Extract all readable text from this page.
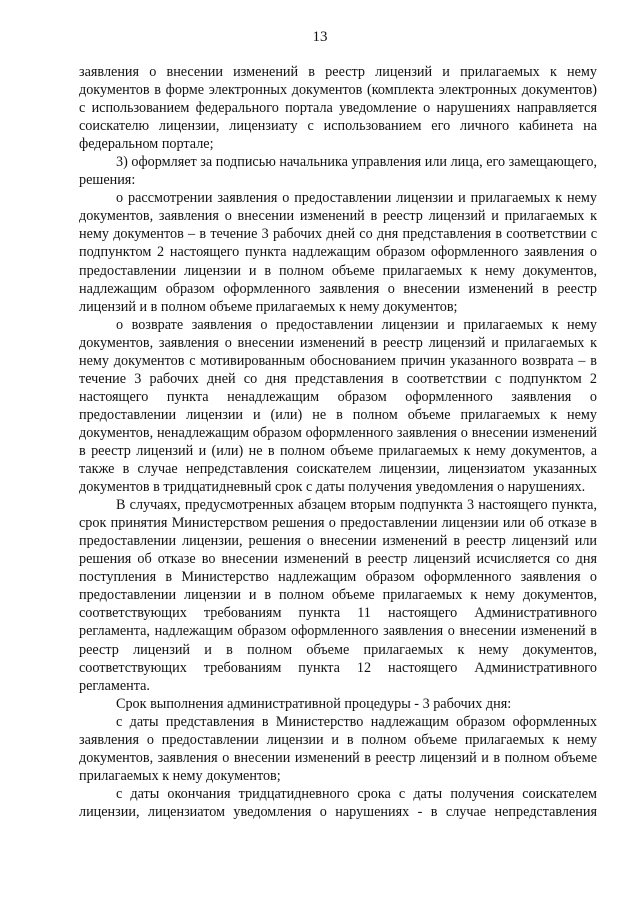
13

заявления о внесении изменений в реестр лицензий и прилагаемых к нему документов в форме электронных документов (комплекта электронных документов) с использованием федерального портала уведомление о нарушениях направляется соискателю лицензии, лицензиату с использованием его личного кабинета на федеральном портале;

3) оформляет за подписью начальника управления или лица, его замещающего, решения:

о рассмотрении заявления о предоставлении лицензии и прилагаемых к нему документов, заявления о внесении изменений в реестр лицензий и прилагаемых к нему документов – в течение 3 рабочих дней со дня представления в соответствии с подпунктом 2 настоящего пункта надлежащим образом оформленного заявления о предоставлении лицензии и в полном объеме прилагаемых к нему документов, надлежащим образом оформленного заявления о внесении изменений в реестр лицензий и в полном объеме прилагаемых к нему документов;

о возврате заявления о предоставлении лицензии и прилагаемых к нему документов, заявления о внесении изменений в реестр лицензий и прилагаемых к нему документов с мотивированным обоснованием причин указанного возврата – в течение 3 рабочих дней со дня представления в соответствии с подпунктом 2 настоящего пункта ненадлежащим образом оформленного заявления о предоставлении лицензии и (или) не в полном объеме прилагаемых к нему документов, ненадлежащим образом оформленного заявления о внесении изменений в реестр лицензий и (или) не в полном объеме прилагаемых к нему документов, а также в случае непредставления соискателем лицензии, лицензиатом указанных документов в тридцатидневный срок с даты получения уведомления о нарушениях.

В случаях, предусмотренных абзацем вторым подпункта 3 настоящего пункта, срок принятия Министерством решения о предоставлении лицензии или об отказе в предоставлении лицензии, решения о внесении изменений в реестр лицензий или решения об отказе во внесении изменений в реестр лицензий исчисляется со дня поступления в Министерство надлежащим образом оформленного заявления о предоставлении лицензии и в полном объеме прилагаемых к нему документов, соответствующих требованиям пункта 11 настоящего Административного регламента, надлежащим образом оформленного заявления о внесении изменений в реестр лицензий и в полном объеме прилагаемых к нему документов, соответствующих требованиям пункта 12 настоящего Административного регламента.

Срок выполнения административной процедуры - 3 рабочих дня:

с даты представления в Министерство надлежащим образом оформленных заявления о предоставлении лицензии и в полном объеме прилагаемых к нему документов, заявления о внесении изменений в реестр лицензий и в полном объеме прилагаемых к нему документов;

с даты окончания тридцатидневного срока с даты получения соискателем лицензии, лицензиатом уведомления о нарушениях - в случае непредставления
